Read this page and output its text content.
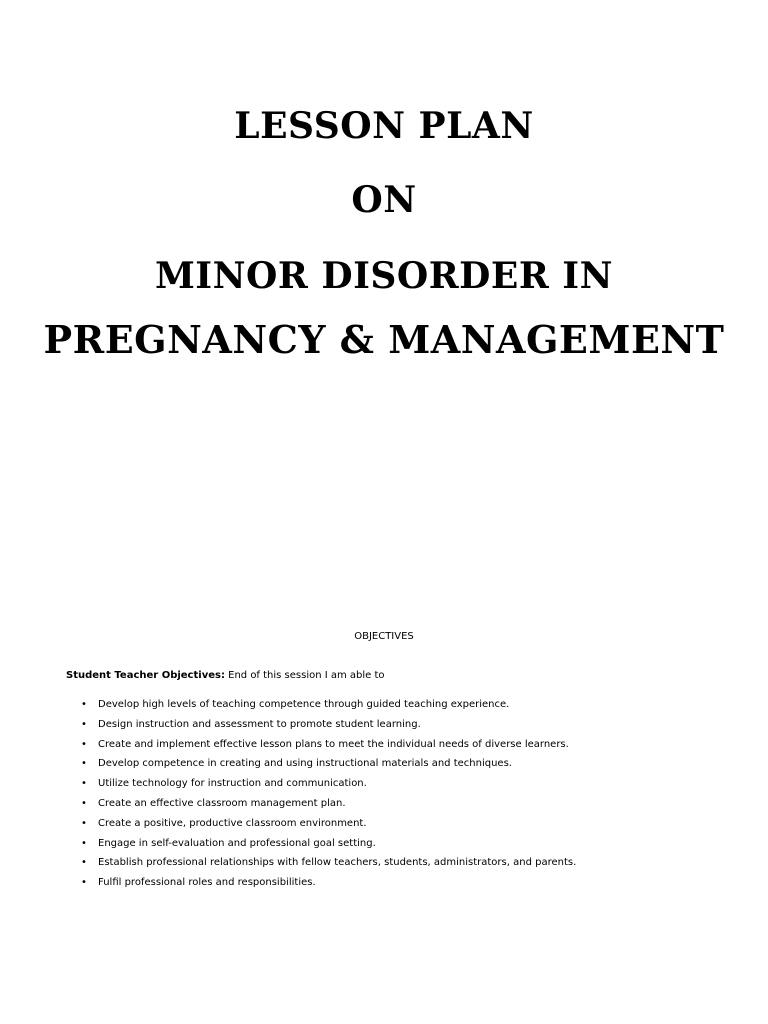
LESSON PLAN
ON
MINOR DISORDER IN
PREGNANCY & MANAGEMENT
OBJECTIVES
Student Teacher Objectives: End of this session I am able to
• Develop high levels of teaching competence through guided teaching experience.
• Design instruction and assessment to promote student learning.
• Create and implement effective lesson plans to meet the individual needs of diverse learners.
• Develop competence in creating and using instructional materials and techniques.
• Utilize technology for instruction and communication.
• Create an effective classroom management plan.
• Create a positive, productive classroom environment.
• Engage in self-evaluation and professional goal setting.
• Establish professional relationships with fellow teachers, students, administrators, and parents.
• Fulfil professional roles and responsibilities.
